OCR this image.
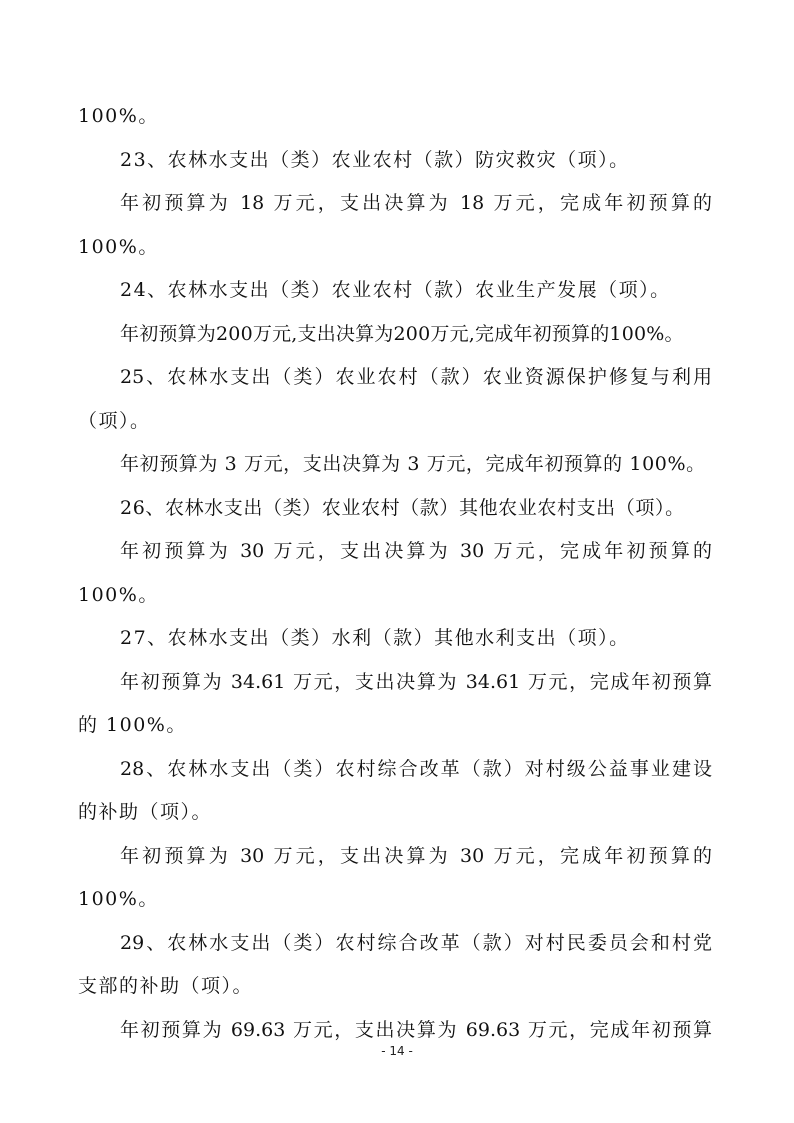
100%。
23、农林水支出（类）农业农村（款）防灾救灾（项）。
年初预算为 18 万元，支出决算为 18 万元，完成年初预算的
100%。
24、农林水支出（类）农业农村（款）农业生产发展（项）。
年初预算为200万元,支出决算为200万元,完成年初预算的100%。
25、农林水支出（类）农业农村（款）农业资源保护修复与利用
（项）。
年初预算为 3 万元，支出决算为 3 万元，完成年初预算的 100%。
26、农林水支出（类）农业农村（款）其他农业农村支出（项）。
年初预算为 30 万元，支出决算为 30 万元，完成年初预算的
100%。
27、农林水支出（类）水利（款）其他水利支出（项）。
年初预算为 34.61 万元，支出决算为 34.61 万元，完成年初预算
的 100%。
28、农林水支出（类）农村综合改革（款）对村级公益事业建设
的补助（项）。
年初预算为 30 万元，支出决算为 30 万元，完成年初预算的
100%。
29、农林水支出（类）农村综合改革（款）对村民委员会和村党
支部的补助（项）。
年初预算为 69.63 万元，支出决算为 69.63 万元，完成年初预算
- 14 -
